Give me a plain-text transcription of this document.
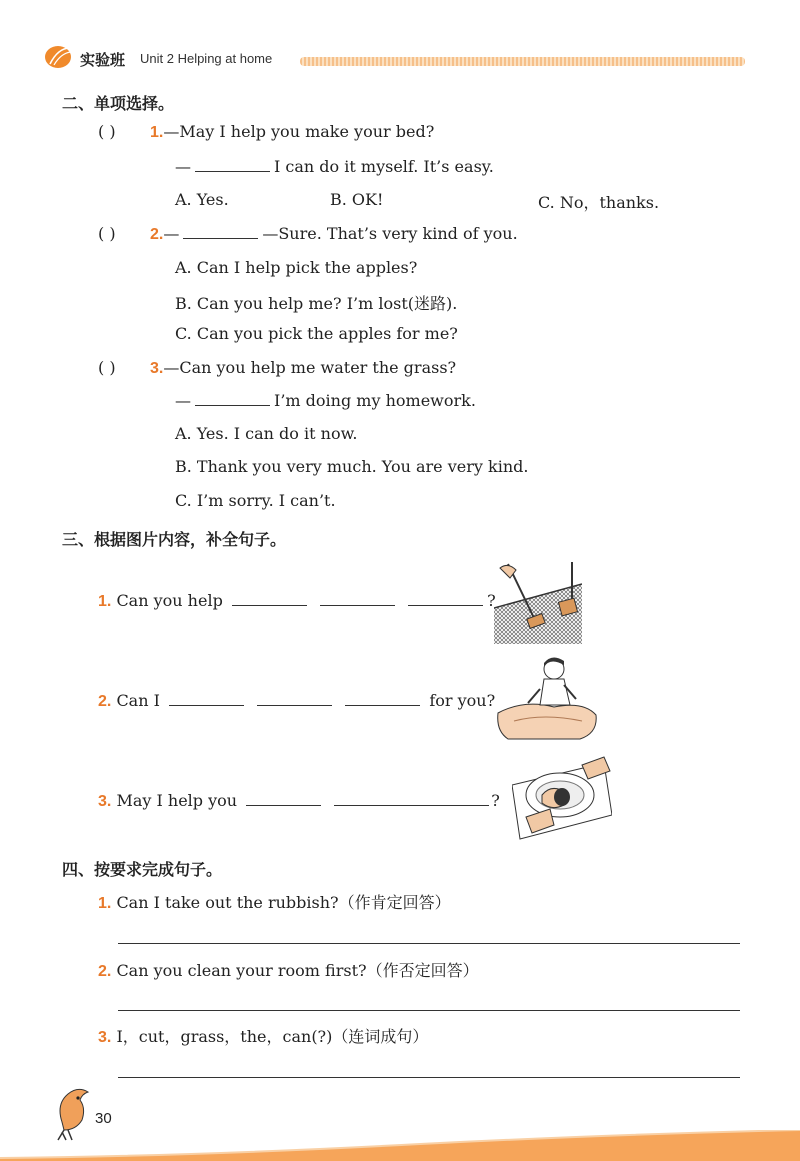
实验班 Unit 2 Helping at home
二、单项选择。
( ) 1.—May I help you make your bed?
—	I can do it myself. It’s easy.
A. Yes.	B. OK!	C. No，thanks.
( ) 2.—	—Sure. That’s very kind of you.
A. Can I help pick the apples?
B. Can you help me? I’m lost(迷路).
C. Can you pick the apples for me?
( ) 3.—Can you help me water the grass?
—	I’m doing my homework.
A. Yes. I can do it now.
B. Thank you very much. You are very kind.
C. I’m sorry. I can’t.
三、根据图片内容，补全句子。
1. Can you help	?
2. Can I	for you?
3. May I help you	?
四、按要求完成句子。
1. Can I take out the rubbish?（作肯定回答）
2. Can you clean your room first?（作否定回答）
3. I，cut，grass，the，can(?)（连词成句）
30
